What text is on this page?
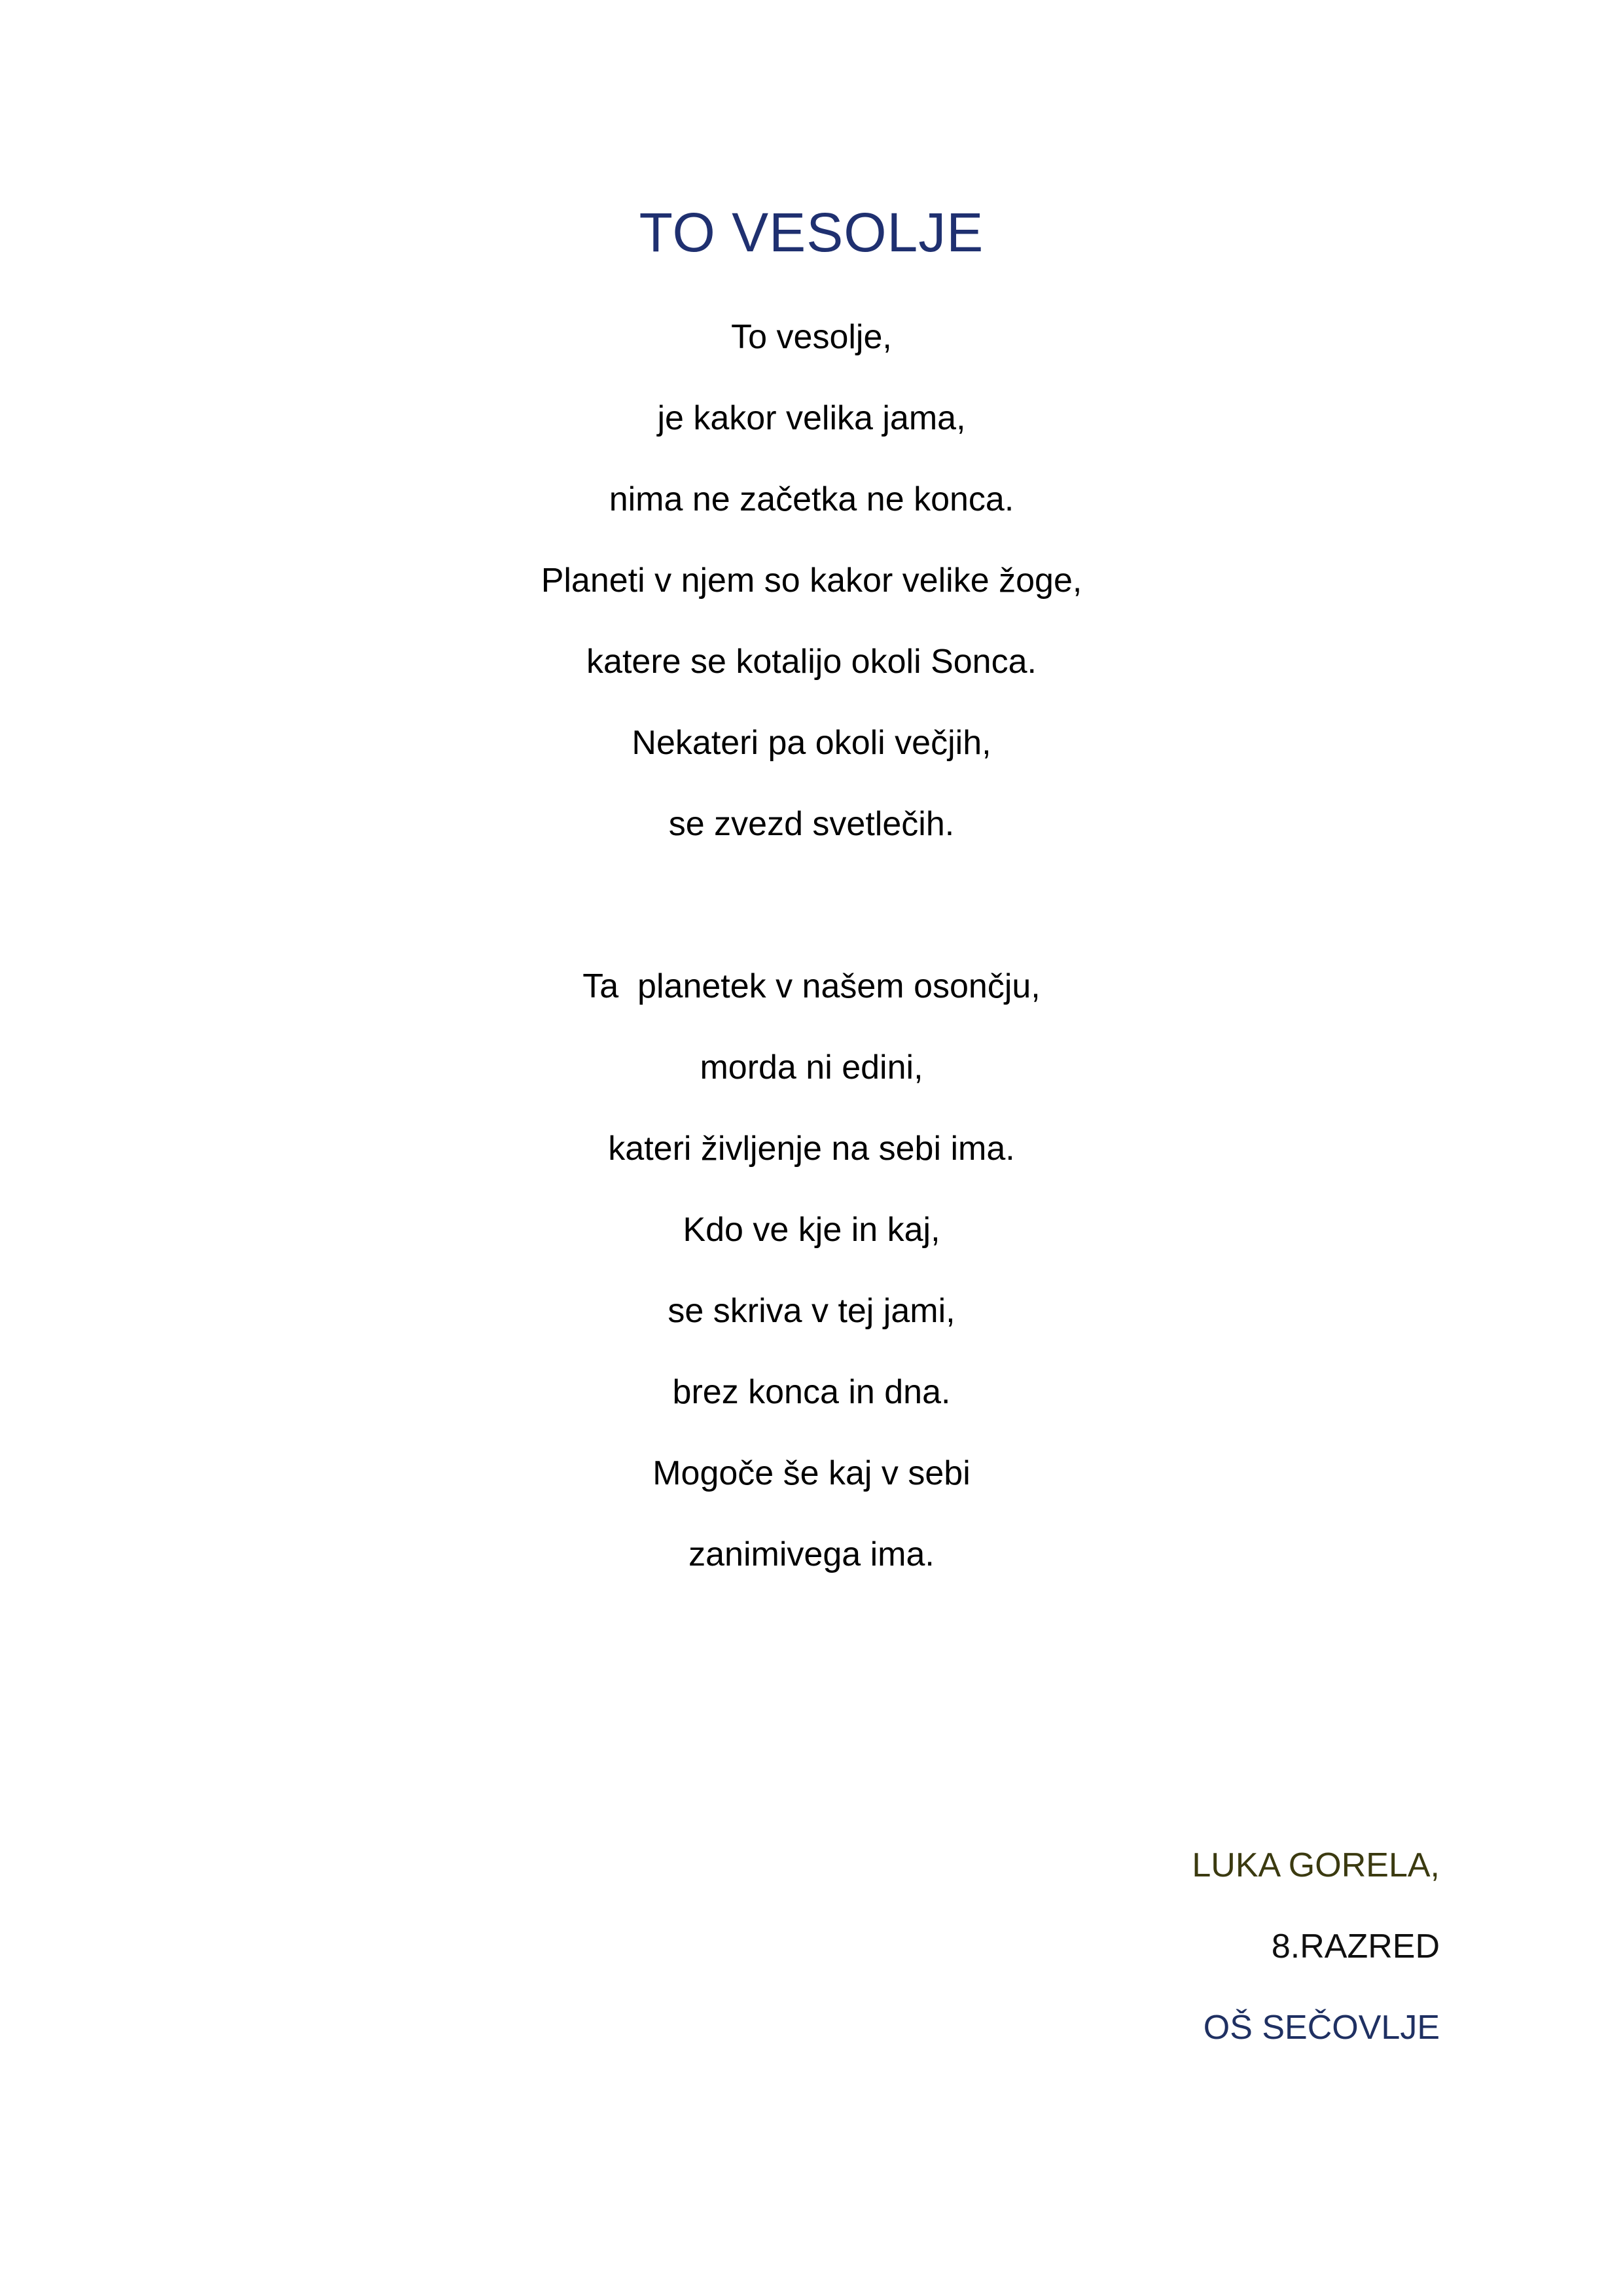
TO VESOLJE
To vesolje,
je kakor velika jama,
nima ne začetka ne konca.
Planeti v njem so kakor velike žoge,
katere se kotalijo okoli Sonca.
Nekateri pa okoli večjih,
se zvezd svetlečih.
Ta  planetek v našem osončju,
morda ni edini,
kateri življenje na sebi ima.
Kdo ve kje in kaj,
se skriva v tej jami,
brez konca in dna.
Mogoče še kaj v sebi
zanimivega ima.
LUKA GORELA,
8.RAZRED
OŠ SEČOVLJE
